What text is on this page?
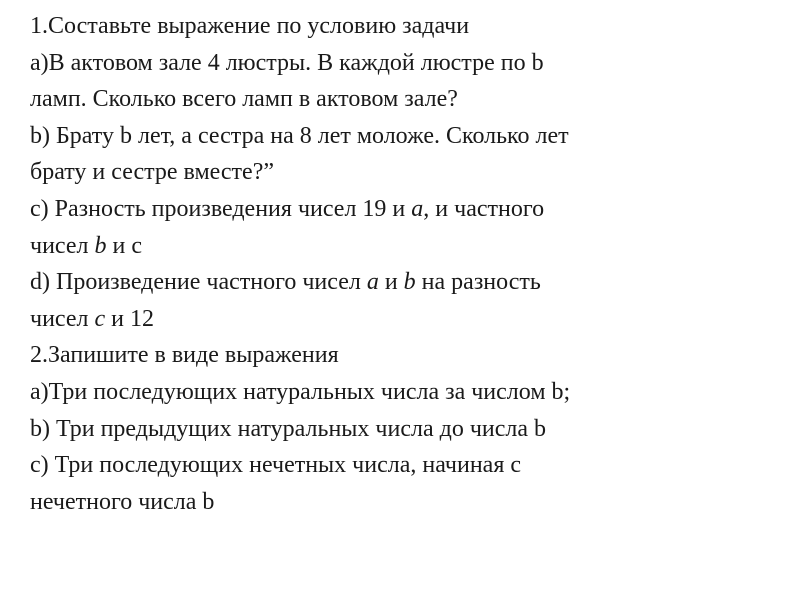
1.Составьте выражение по условию задачи
а)В актовом зале 4 люстры. В каждой люстре по b
ламп. Сколько всего ламп в актовом зале?
b) Брату b лет, а сестра на 8 лет моложе. Сколько лет
брату и сестре вместе?”
c) Разность произведения чисел 19 и a, и частного
чисел b и с
d) Произведение частного чисел a и b на разность
чисел c и 12
2.Запишите в виде выражения
а)Три последующих натуральных числа за числом b;
b) Три предыдущих натуральных числа до числа b
с) Три последующих нечетных числа, начиная с
нечетного числа b
